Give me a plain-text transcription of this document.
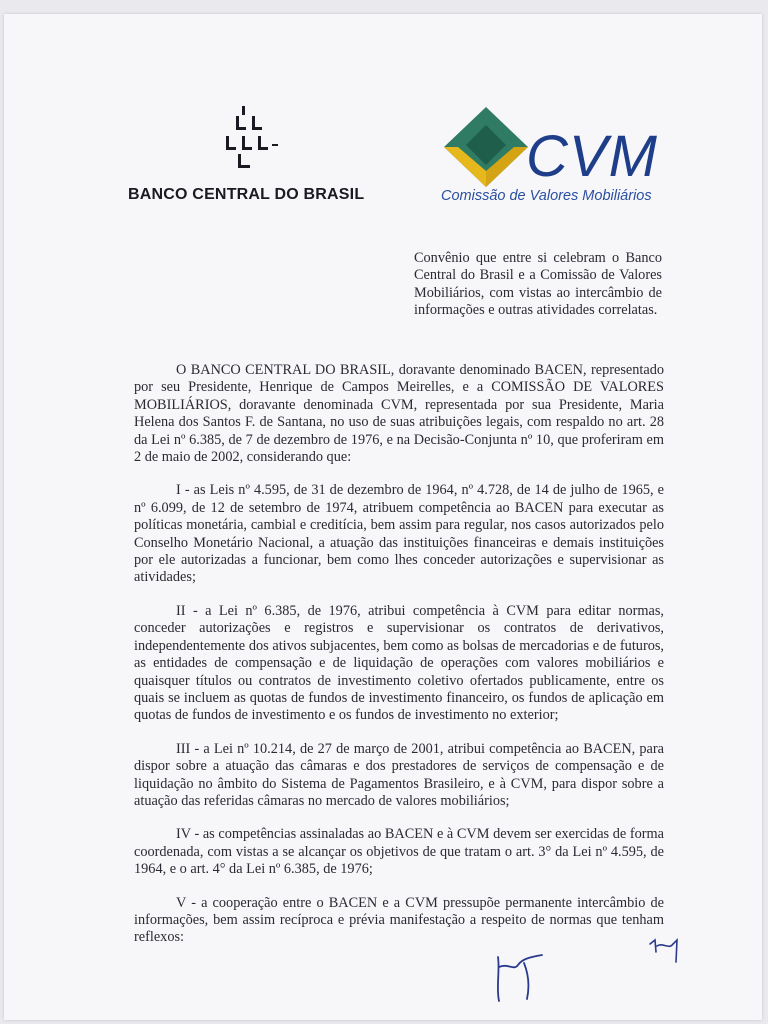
BANCO CENTRAL DO BRASIL
CVM
Comissão de Valores Mobiliários
Convênio que entre si celebram o Banco Central do Brasil e a Comissão de Valores Mobiliários, com vistas ao intercâmbio de informações e outras atividades correlatas.

O BANCO CENTRAL DO BRASIL, doravante denominado BACEN, representado por seu Presidente, Henrique de Campos Meirelles, e a COMISSÃO DE VALORES MOBILIÁRIOS, doravante denominada CVM, representada por sua Presidente, Maria Helena dos Santos F. de Santana, no uso de suas atribuições legais, com respaldo no art. 28 da Lei nº 6.385, de 7 de dezembro de 1976, e na Decisão-Conjunta nº 10, que proferiram em 2 de maio de 2002, considerando que:

I - as Leis nº 4.595, de 31 de dezembro de 1964, nº 4.728, de 14 de julho de 1965, e nº 6.099, de 12 de setembro de 1974, atribuem competência ao BACEN para executar as políticas monetária, cambial e creditícia, bem assim para regular, nos casos autorizados pelo Conselho Monetário Nacional, a atuação das instituições financeiras e demais instituições por ele autorizadas a funcionar, bem como lhes conceder autorizações e supervisionar as atividades;

II - a Lei nº 6.385, de 1976, atribui competência à CVM para editar normas, conceder autorizações e registros e supervisionar os contratos de derivativos, independentemente dos ativos subjacentes, bem como as bolsas de mercadorias e de futuros, as entidades de compensação e de liquidação de operações com valores mobiliários e quaisquer títulos ou contratos de investimento coletivo ofertados publicamente, entre os quais se incluem as quotas de fundos de investimento financeiro, os fundos de aplicação em quotas de fundos de investimento e os fundos de investimento no exterior;

III - a Lei nº 10.214, de 27 de março de 2001, atribui competência ao BACEN, para dispor sobre a atuação das câmaras e dos prestadores de serviços de compensação e de liquidação no âmbito do Sistema de Pagamentos Brasileiro, e à CVM, para dispor sobre a atuação das referidas câmaras no mercado de valores mobiliários;

IV - as competências assinaladas ao BACEN e à CVM devem ser exercidas de forma coordenada, com vistas a se alcançar os objetivos de que tratam o art. 3° da Lei nº 4.595, de 1964, e o art. 4° da Lei nº 6.385, de 1976;

V - a cooperação entre o BACEN e a CVM pressupõe permanente intercâmbio de informações, bem assim recíproca e prévia manifestação a respeito de normas que tenham reflexos:
